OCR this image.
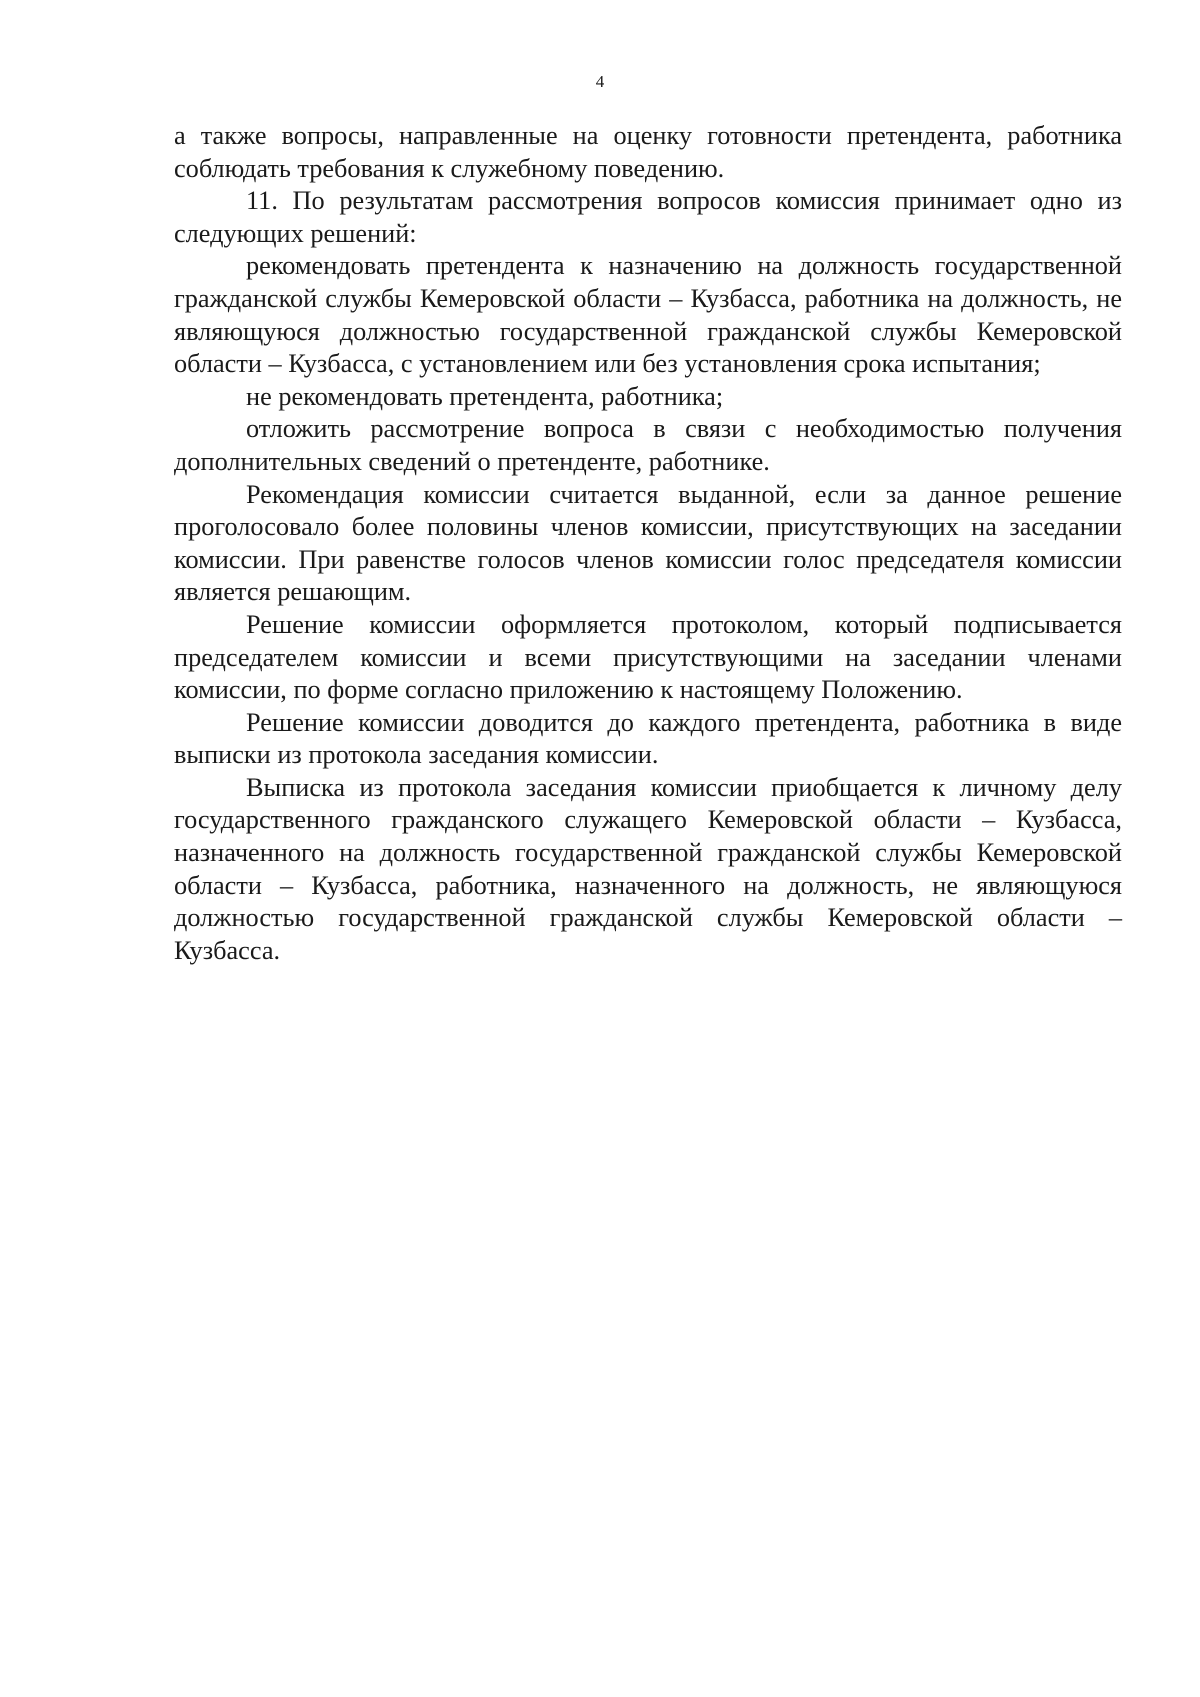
4

а также вопросы, направленные на оценку готовности претендента, работника соблюдать требования к служебному поведению.

11. По результатам рассмотрения вопросов комиссия принимает одно из следующих решений:

рекомендовать претендента к назначению на должность государственной гражданской службы Кемеровской области – Кузбасса, работника на должность, не являющуюся должностью государственной гражданской службы Кемеровской области – Кузбасса, с установлением или без установления срока испытания;

не рекомендовать претендента, работника;

отложить рассмотрение вопроса в связи с необходимостью получения дополнительных сведений о претенденте, работнике.

Рекомендация комиссии считается выданной, если за данное решение проголосовало более половины членов комиссии, присутствующих на заседании комиссии. При равенстве голосов членов комиссии голос председателя комиссии является решающим.

Решение комиссии оформляется протоколом, который подписывается председателем комиссии и всеми присутствующими на заседании членами комиссии, по форме согласно приложению к настоящему Положению.

Решение комиссии доводится до каждого претендента, работника в виде выписки из протокола заседания комиссии.

Выписка из протокола заседания комиссии приобщается к личному делу государственного гражданского служащего Кемеровской области – Кузбасса, назначенного на должность государственной гражданской службы Кемеровской области – Кузбасса, работника, назначенного на должность, не являющуюся должностью государственной гражданской службы Кемеровской области – Кузбасса.
